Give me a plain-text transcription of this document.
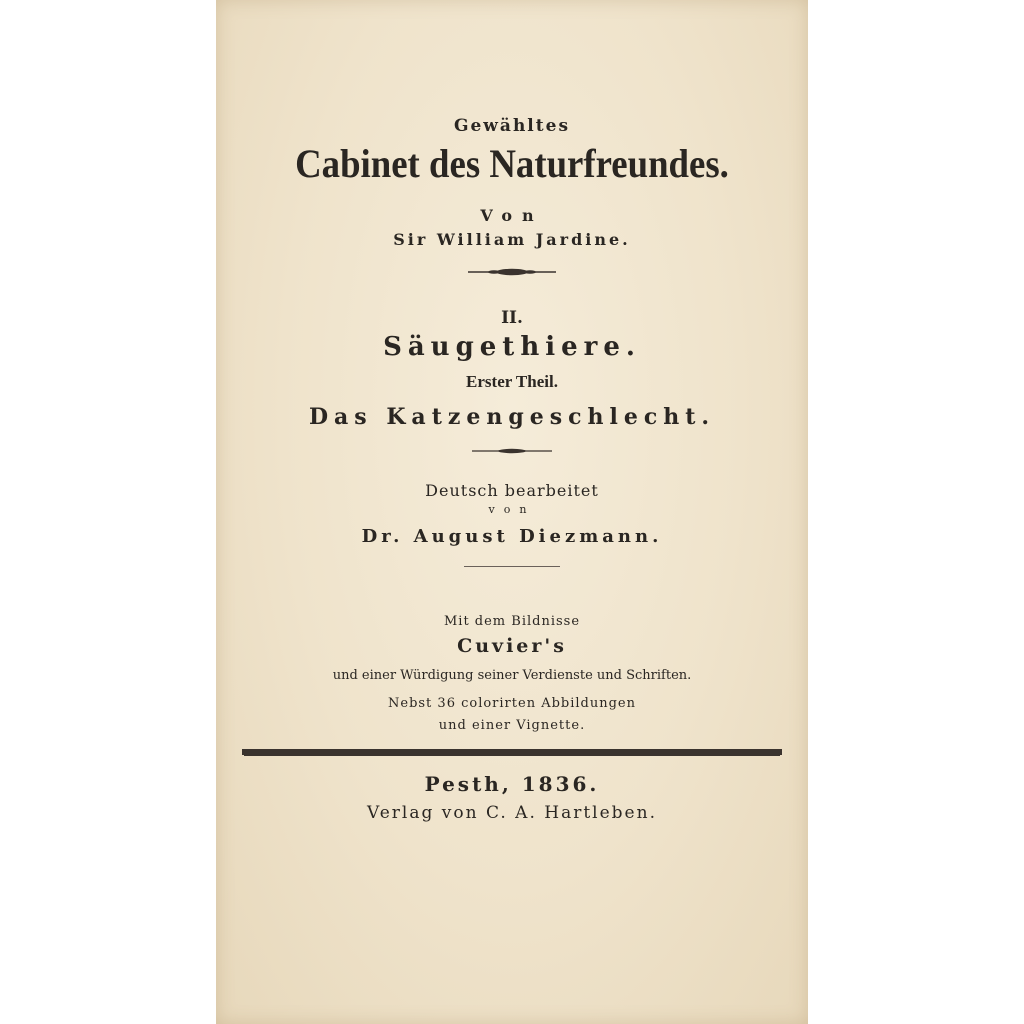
Gewähltes
Cabinet des Naturfreundes.
Von
Sir William Jardine.
II.
Säugethiere.
Erster Theil.
Das Katzengeschlecht.
Deutsch bearbeitet
von
Dr. August Diezmann.
Mit dem Bildnisse
Cuvier's
und einer Würdigung seiner Verdienste und Schriften.
Nebst 36 colorirten Abbildungen
und einer Vignette.
Pesth, 1836.
Verlag von C. A. Hartleben.
